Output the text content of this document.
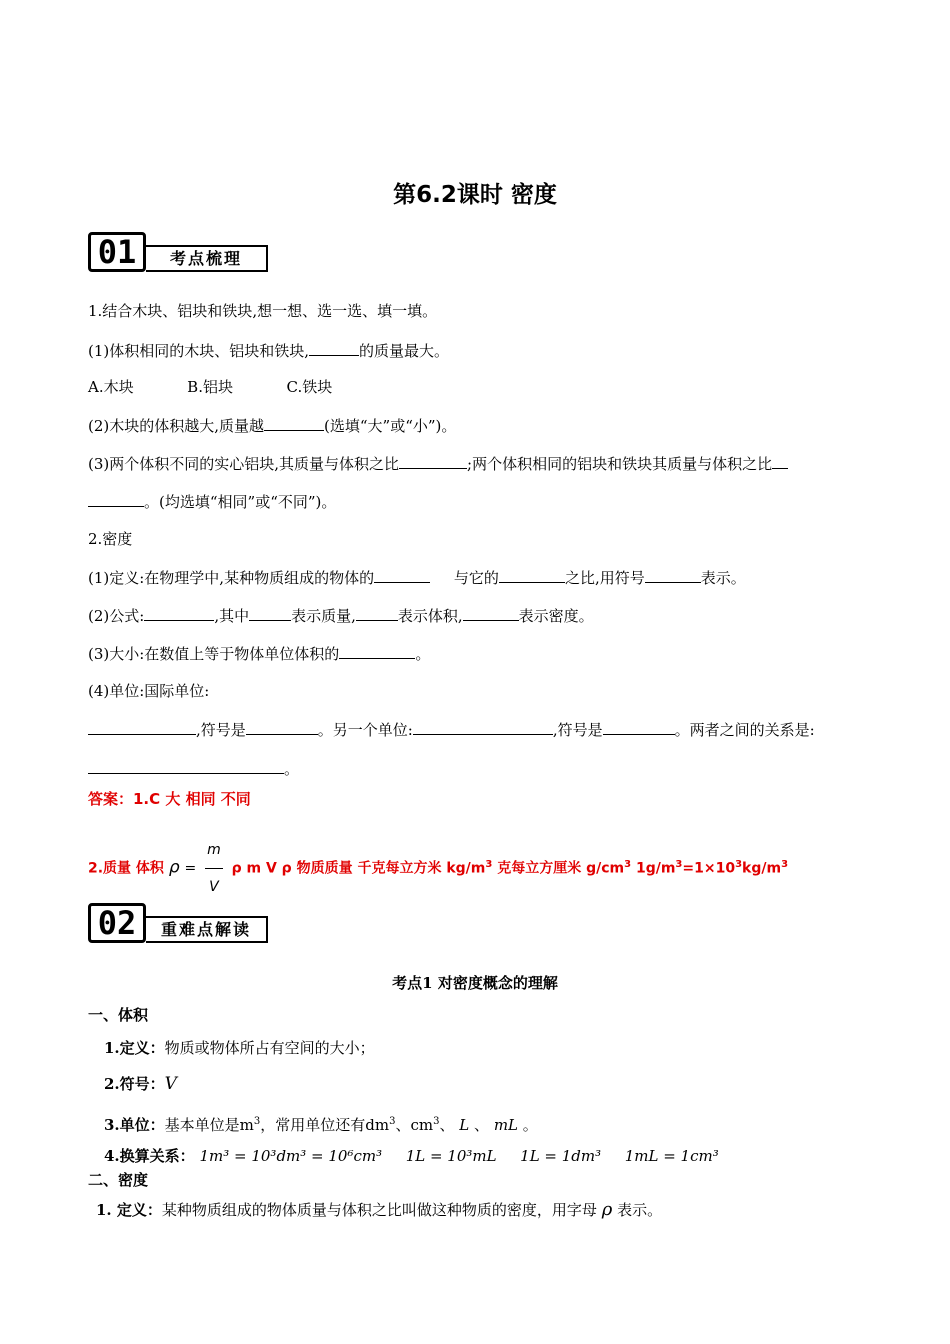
第6.2课时 密度
01	考点梳理
1.结合木块、铝块和铁块,想一想、选一选、填一填。
(1)体积相同的木块、铝块和铁块,	的质量最大。
A.木块	B.铝块	C.铁块
(2)木块的体积越大,质量越	(选填“大”或“小”)。
(3)两个体积不同的实心铝块,其质量与体积之比	;两个体积相同的铝块和铁块其质量与体积之比
。(均选填“相同”或“不同”)。
2.密度
(1)定义:在物理学中,某种物质组成的物体的	与它的	之比,用符号	表示。
(2)公式:	,其中	表示质量,	表示体积,	表示密度。
(3)大小:在数值上等于物体单位体积的	。
(4)单位:国际单位:
,符号是	。另一个单位:	,符号是	。两者之间的关系是:
。
答案：1.C 大 相同 不同
2.质量 体积 $\rho = \frac{m}{V}$ ρ m V ρ 物质质量 千克每立方米 $kg/m^3$ 克每立方厘米 $g/cm^3$ $1g/m^3=1\times 10^3kg/m^3$
02	重难点解读
考点1 对密度概念的理解
一、体积
1.定义：物质或物体所占有空间的大小；
2.符号：V
3.单位：基本单位是$m^3$，常用单位还有$dm^3$、$cm^3$、 L 、 mL 。
4.换算关系： 1m³ = 10³dm³ = 10⁶cm³ 1L = 10³mL 1L = 1dm³ 1mL = 1cm³
二、密度
1. 定义：某种物质组成的物体质量与体积之比叫做这种物质的密度，用字母 ρ 表示。
